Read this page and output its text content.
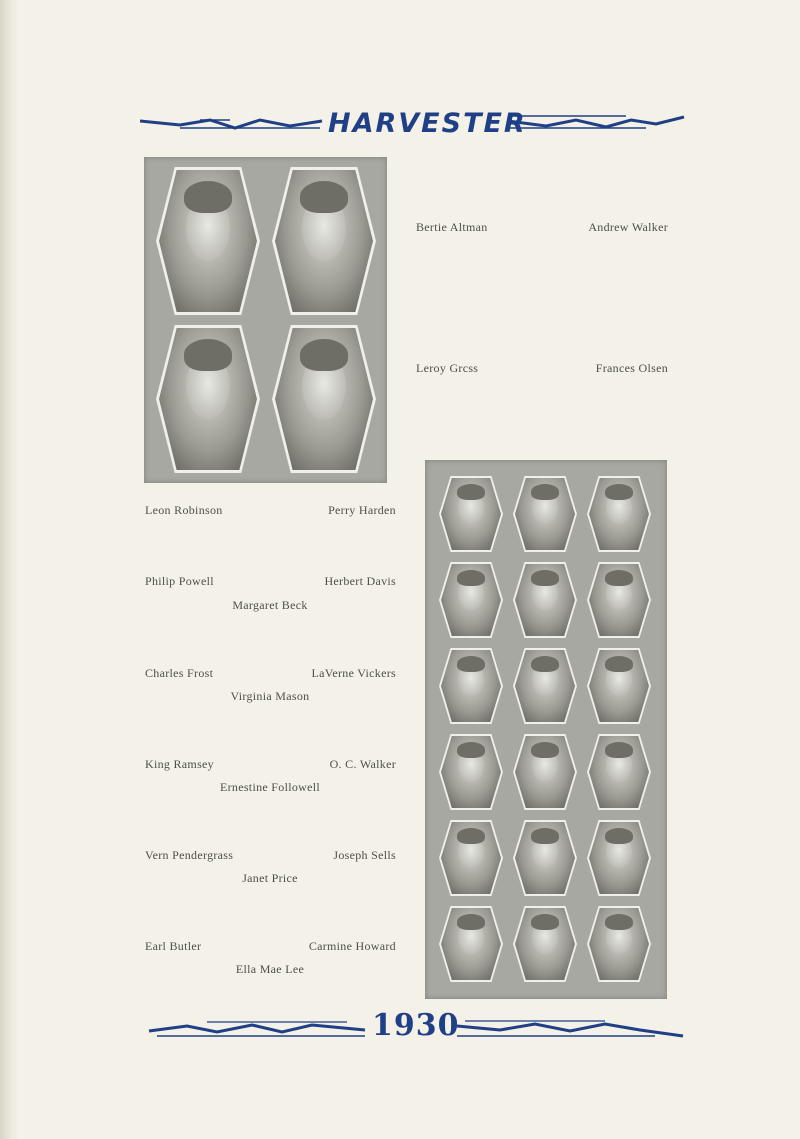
HARVESTER
Bertie Altman	Andrew Walker
Leroy Grcss	Frances Olsen
Leon Robinson	Perry Harden
Philip Powell	Herbert Davis
Margaret Beck
Charles Frost	LaVerne Vickers
Virginia Mason
King Ramsey	O. C. Walker
Ernestine Followell
Vern Pendergrass	Joseph Sells
Janet Price
Earl Butler	Carmine Howard
Ella Mae Lee
1930
